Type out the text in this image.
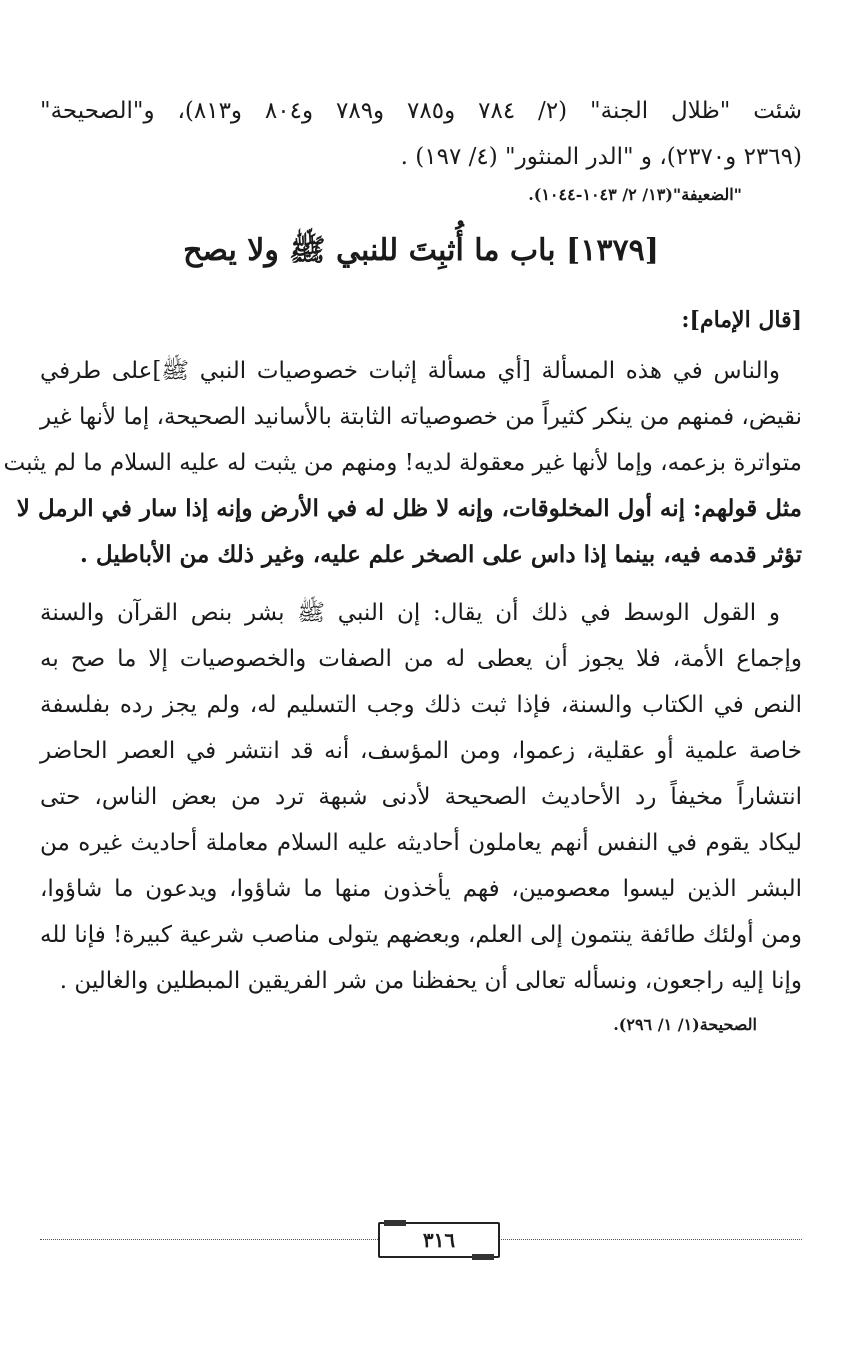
شئت "ظلال الجنة" (٢/ ٧٨٤ و٧٨٥ و٧٨٩ و٨٠٤ و٨١٣)، و"الصحيحة"
(٢٣٦٩ و٢٣٧٠)، و "الدر المنثور" (٤/ ١٩٧) .
"الضعيفة"(١٣/ ٢/ ١٠٤٣-١٠٤٤).
[١٣٧٩] باب ما أُثبِتَ للنبي ﷺ ولا يصح
[قال الإمام]:
والناس في هذه المسألة [أي مسألة إثبات خصوصيات النبي ﷺ]على طرفي
نقيض، فمنهم من ينكر كثيراً من خصوصياته الثابتة بالأسانيد الصحيحة، إما لأنها غير
متواترة بزعمه، وإما لأنها غير معقولة لديه! ومنهم من يثبت له عليه السلام ما لم يثبت
مثل قولهم: إنه أول المخلوقات، وإنه لا ظل له في الأرض وإنه إذا سار في الرمل لا
تؤثر قدمه فيه، بينما إذا داس على الصخر علم عليه، وغير ذلك من الأباطيل .
و القول الوسط في ذلك أن يقال: إن النبي ﷺ بشر بنص القرآن والسنة
وإجماع الأمة، فلا يجوز أن يعطى له من الصفات والخصوصيات إلا ما صح به
النص في الكتاب والسنة، فإذا ثبت ذلك وجب التسليم له، ولم يجز رده بفلسفة
خاصة علمية أو عقلية، زعموا، ومن المؤسف، أنه قد انتشر في العصر الحاضر
انتشاراً مخيفاً رد الأحاديث الصحيحة لأدنى شبهة ترد من بعض الناس، حتى
ليكاد يقوم في النفس أنهم يعاملون أحاديثه عليه السلام معاملة أحاديث غيره من
البشر الذين ليسوا معصومين، فهم يأخذون منها ما شاؤوا، ويدعون ما شاؤوا،
ومن أولئك طائفة ينتمون إلى العلم، وبعضهم يتولى مناصب شرعية كبيرة! فإنا لله
وإنا إليه راجعون، ونسأله تعالى أن يحفظنا من شر الفريقين المبطلين والغالين .
الصحيحة(١/ ١/ ٢٩٦).
٣١٦
